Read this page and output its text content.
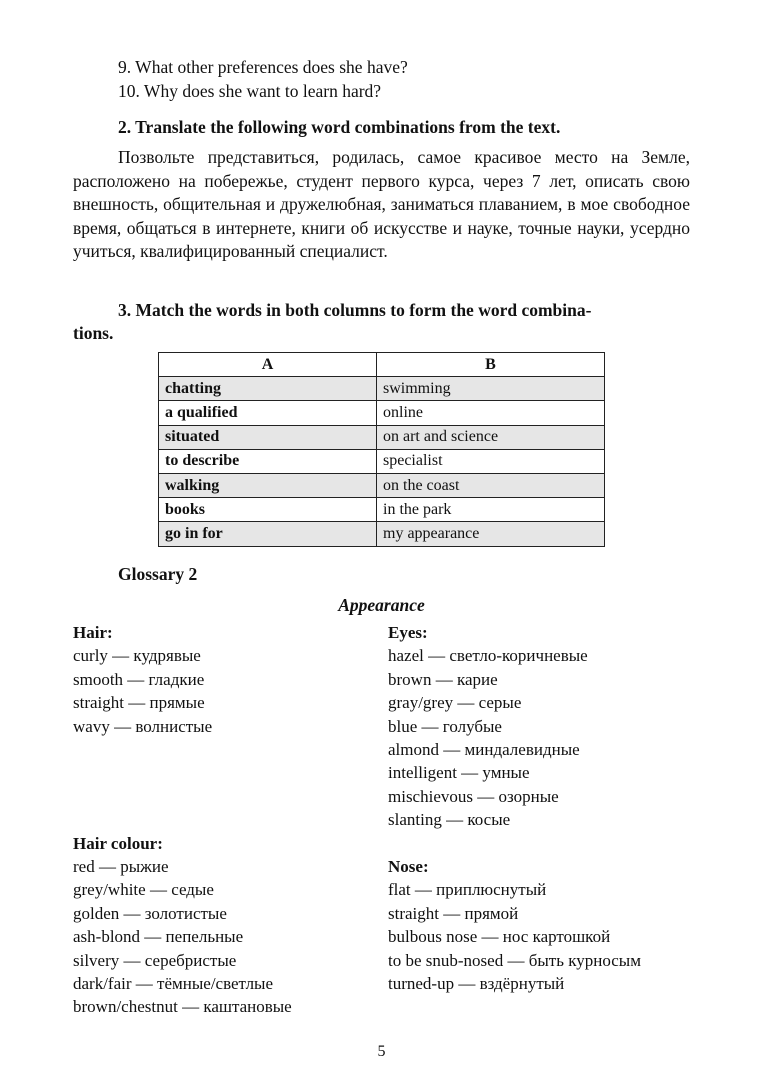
9. What other preferences does she have?
10. Why does she want to learn hard?
2. Translate the following word combinations from the text.
Позвольте представиться, родилась, самое красивое место на Земле, расположено на побережье, студент первого курса, через 7 лет, описать свою внешность, общительная и дружелюбная, заниматься плаванием, в мое свободное время, общаться в интернете, книги об искусстве и науке, точные науки, усердно учиться, квалифицированный специалист.
3. Match the words in both columns to form the word combina-
tions.
A	B
chatting	swimming
a qualified	online
situated	on art and science
to describe	specialist
walking	on the coast
books	in the park
go in for	my appearance
Glossary 2
Appearance
Hair:
curly — кудрявые
smooth — гладкие
straight — прямые
wavy — волнистые
Hair colour:
red — рыжие
grey/white — седые
golden — золотистые
ash-blond — пепельные
silvery — серебристые
dark/fair — тёмные/светлые
brown/chestnut — каштановые
Eyes:
hazel — светло-коричневые
brown — карие
gray/grey — серые
blue — голубые
almond — миндалевидные
intelligent — умные
mischievous — озорные
slanting — косые
Nose:
flat — приплюснутый
straight — прямой
bulbous nose — нос картошкой
to be snub-nosed — быть курносым
turned-up — вздёрнутый
5
